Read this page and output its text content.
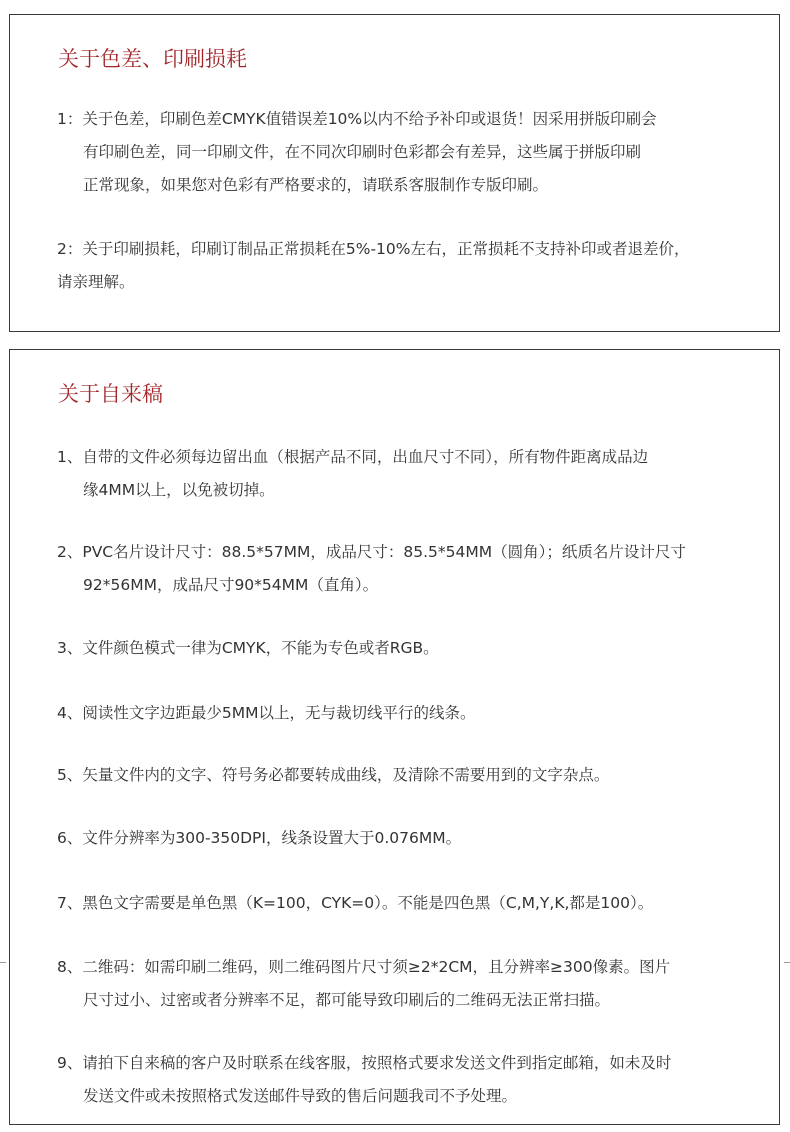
关于色差、印刷损耗

1：关于色差，印刷色差CMYK值错误差10%以内不给予补印或退货！因采用拼版印刷会

有印刷色差，同一印刷文件，在不同次印刷时色彩都会有差异，这些属于拼版印刷

正常现象，如果您对色彩有严格要求的，请联系客服制作专版印刷。

2：关于印刷损耗，印刷订制品正常损耗在5%-10%左右，正常损耗不支持补印或者退差价，

请亲理解。

关于自来稿

1、自带的文件必须每边留出血（根据产品不同，出血尺寸不同），所有物件距离成品边

缘4MM以上，以免被切掉。

2、PVC名片设计尺寸：88.5*57MM，成品尺寸：85.5*54MM（圆角）；纸质名片设计尺寸

92*56MM，成品尺寸90*54MM（直角）。

3、文件颜色模式一律为CMYK，不能为专色或者RGB。

4、阅读性文字边距最少5MM以上，无与裁切线平行的线条。

5、矢量文件内的文字、符号务必都要转成曲线，及清除不需要用到的文字杂点。

6、文件分辨率为300-350DPI，线条设置大于0.076MM。

7、黑色文字需要是单色黑（K=100，CYK=0）。不能是四色黑（C,M,Y,K,都是100）。

8、二维码：如需印刷二维码，则二维码图片尺寸须≥2*2CM，且分辨率≥300像素。图片

尺寸过小、过密或者分辨率不足，都可能导致印刷后的二维码无法正常扫描。

9、请拍下自来稿的客户及时联系在线客服，按照格式要求发送文件到指定邮箱，如未及时

发送文件或未按照格式发送邮件导致的售后问题我司不予处理。
